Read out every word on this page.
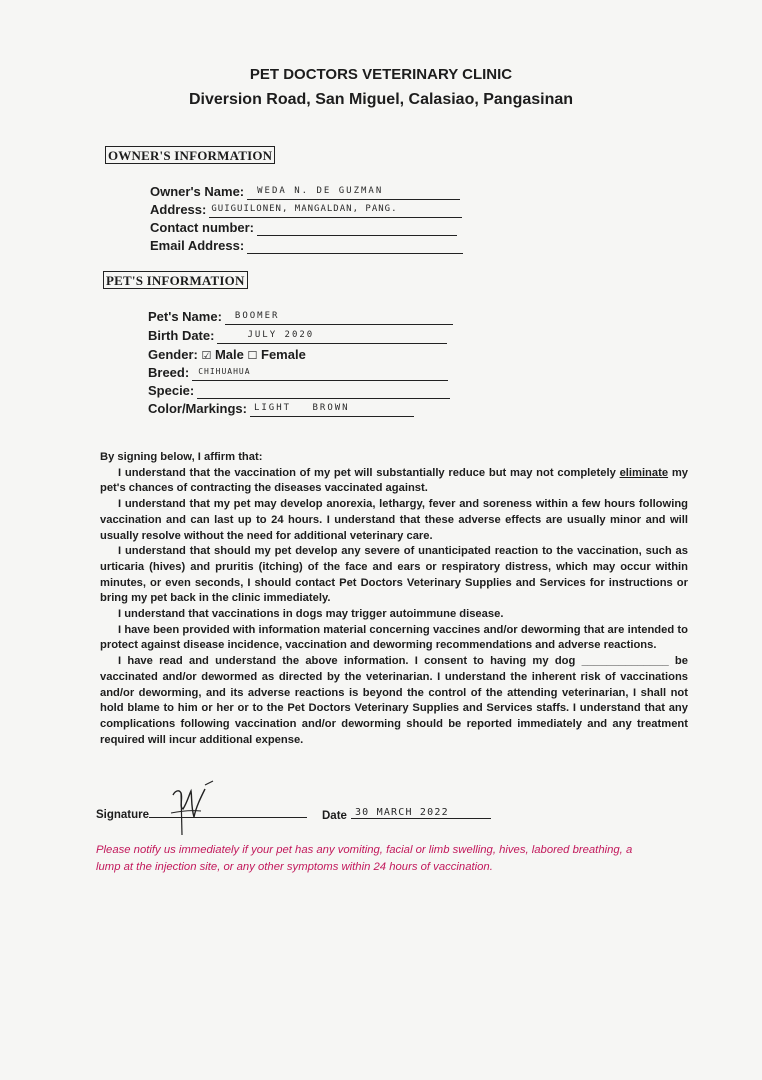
PET DOCTORS VETERINARY CLINIC
Diversion Road, San Miguel, Calasiao, Pangasinan
OWNER'S INFORMATION
Owner's Name: WEDA N. DE GUZMAN
Address: GUIGUILONEN, MANGALDAN, PANG.
Contact number:
Email Address:
PET'S INFORMATION
Pet's Name: BOOMER
Birth Date:	JULY 2020
Gender: ☑ Male ☐ Female
Breed: CHIHUAHUA
Specie:
Color/Markings: LIGHT BROWN

By signing below, I affirm that:

I understand that the vaccination of my pet will substantially reduce but may not completely eliminate my pet's chances of contracting the diseases vaccinated against.

I understand that my pet may develop anorexia, lethargy, fever and soreness within a few hours following vaccination and can last up to 24 hours. I understand that these adverse effects are usually minor and will usually resolve without the need for additional veterinary care.

I understand that should my pet develop any severe of unanticipated reaction to the vaccination, such as urticaria (hives) and pruritis (itching) of the face and ears or respiratory distress, which may occur within minutes, or even seconds, I should contact Pet Doctors Veterinary Supplies and Services for instructions or bring my pet back in the clinic immediately.

I understand that vaccinations in dogs may trigger autoimmune disease.

I have been provided with information material concerning vaccines and/or deworming that are intended to protect against disease incidence, vaccination and deworming recommendations and adverse reactions.

I have read and understand the above information. I consent to having my dog ______________ be vaccinated and/or dewormed as directed by the veterinarian. I understand the inherent risk of vaccinations and/or deworming, and its adverse reactions is beyond the control of the attending veterinarian, I shall not hold blame to him or her or to the Pet Doctors Veterinary Supplies and Services staffs. I understand that any complications following vaccination and/or deworming should be reported immediately and any treatment required will incur additional expense.

Signature	Date 30 MARCH 2022
Please notify us immediately if your pet has any vomiting, facial or limb swelling, hives, labored breathing, a lump at the injection site, or any other symptoms within 24 hours of vaccination.
